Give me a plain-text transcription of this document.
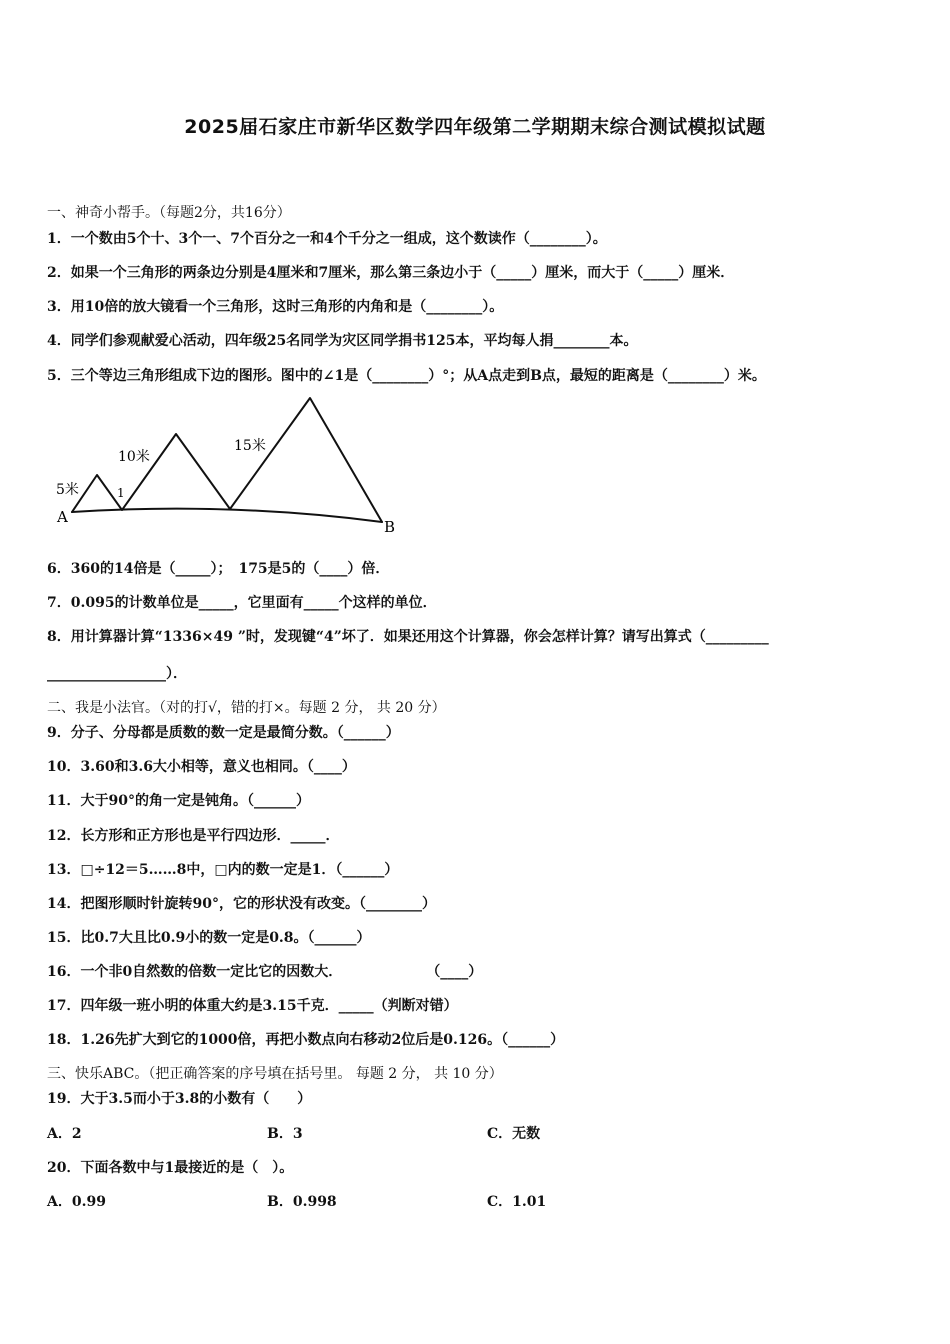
2025届石家庄市新华区数学四年级第二学期期末综合测试模拟试题
一、神奇小帮手。（每题2分，共16分）
1．一个数由5个十、3个一、7个百分之一和4个千分之一组成，这个数读作（________）。
2．如果一个三角形的两条边分别是4厘米和7厘米，那么第三条边小于（_____）厘米，而大于（_____）厘米．
3．用10倍的放大镜看一个三角形，这时三角形的内角和是（________）。
4．同学们参观献爱心活动，四年级25名同学为灾区同学捐书125本，平均每人捐________本。
5．三个等边三角形组成下边的图形。图中的∠1是（________）°；从A点走到B点，最短的距离是（________）米。
5米
10米
15米
1
A
B
6．360的14倍是（_____）；　175是5的（____）倍．
7．0.095的计数单位是_____，它里面有_____个这样的单位．
8．用计算器计算“1336×49 ”时，发现键“4”坏了．如果还用这个计算器，你会怎样计算？请写出算式（_________
_________________）．
二、我是小法官。（对的打√，错的打×。每题 2 分， 共 20 分）
9．分子、分母都是质数的数一定是最简分数。（______）
10．3.60和3.6大小相等，意义也相同。（____）
11．大于90°的角一定是钝角。（______）
12．长方形和正方形也是平行四边形．_____．
13．□÷12＝5……8中，□内的数一定是1．（______）
14．把图形顺时针旋转90°，它的形状没有改变。（________）
15．比0.7大且比0.9小的数一定是0.8。（______）
16．一个非0自然数的倍数一定比它的因数大．　　　　　　　（____）
17．四年级一班小明的体重大约是3.15千克．_____（判断对错）
18．1.26先扩大到它的1000倍，再把小数点向右移动2位后是0.126。（______）
三、快乐ABC。（把正确答案的序号填在括号里。 每题 2 分， 共 10 分）
19．大于3.5而小于3.8的小数有（　　）
A．2	B．3	C．无数
20．下面各数中与1最接近的是（　）。
A．0.99	B．0.998	C．1.01
